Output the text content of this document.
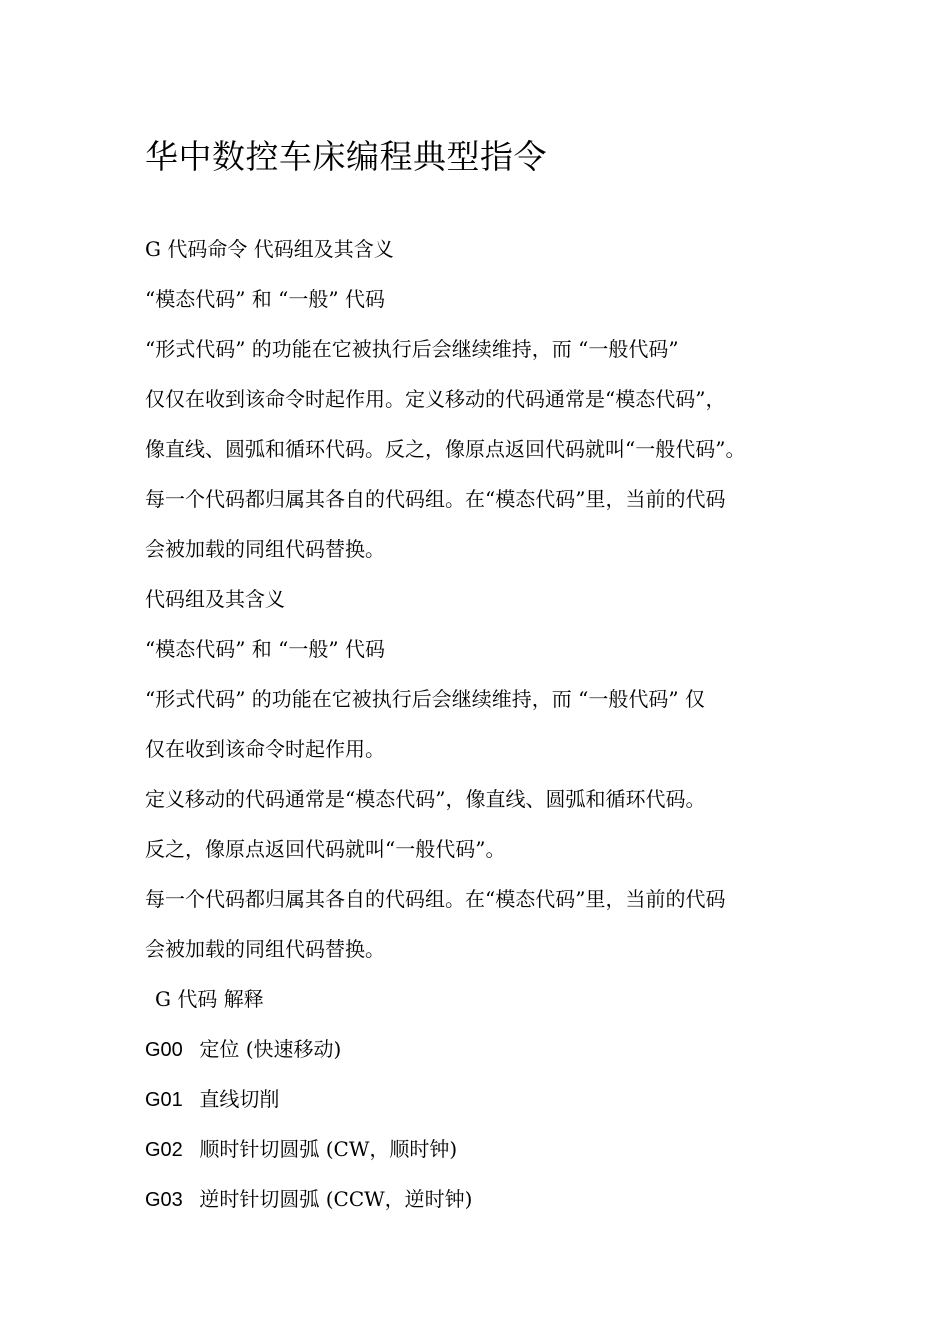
华中数控车床编程典型指令
G 代码命令 代码组及其含义
“模态代码” 和 “一般” 代码
“形式代码” 的功能在它被执行后会继续维持，而 “一般代码”
仅仅在收到该命令时起作用。定义移动的代码通常是“模态代码”，
像直线、圆弧和循环代码。反之，像原点返回代码就叫“一般代码”。
每一个代码都归属其各自的代码组。在“模态代码”里，当前的代码
会被加载的同组代码替换。
代码组及其含义
“模态代码” 和 “一般” 代码
“形式代码” 的功能在它被执行后会继续维持，而 “一般代码” 仅
仅在收到该命令时起作用。
定义移动的代码通常是“模态代码”，像直线、圆弧和循环代码。
反之，像原点返回代码就叫“一般代码”。
每一个代码都归属其各自的代码组。在“模态代码”里，当前的代码
会被加载的同组代码替换。
G 代码 解释
G00 定位 (快速移动)
G01 直线切削
G02 顺时针切圆弧 (CW，顺时钟)
G03 逆时针切圆弧 (CCW，逆时钟)
